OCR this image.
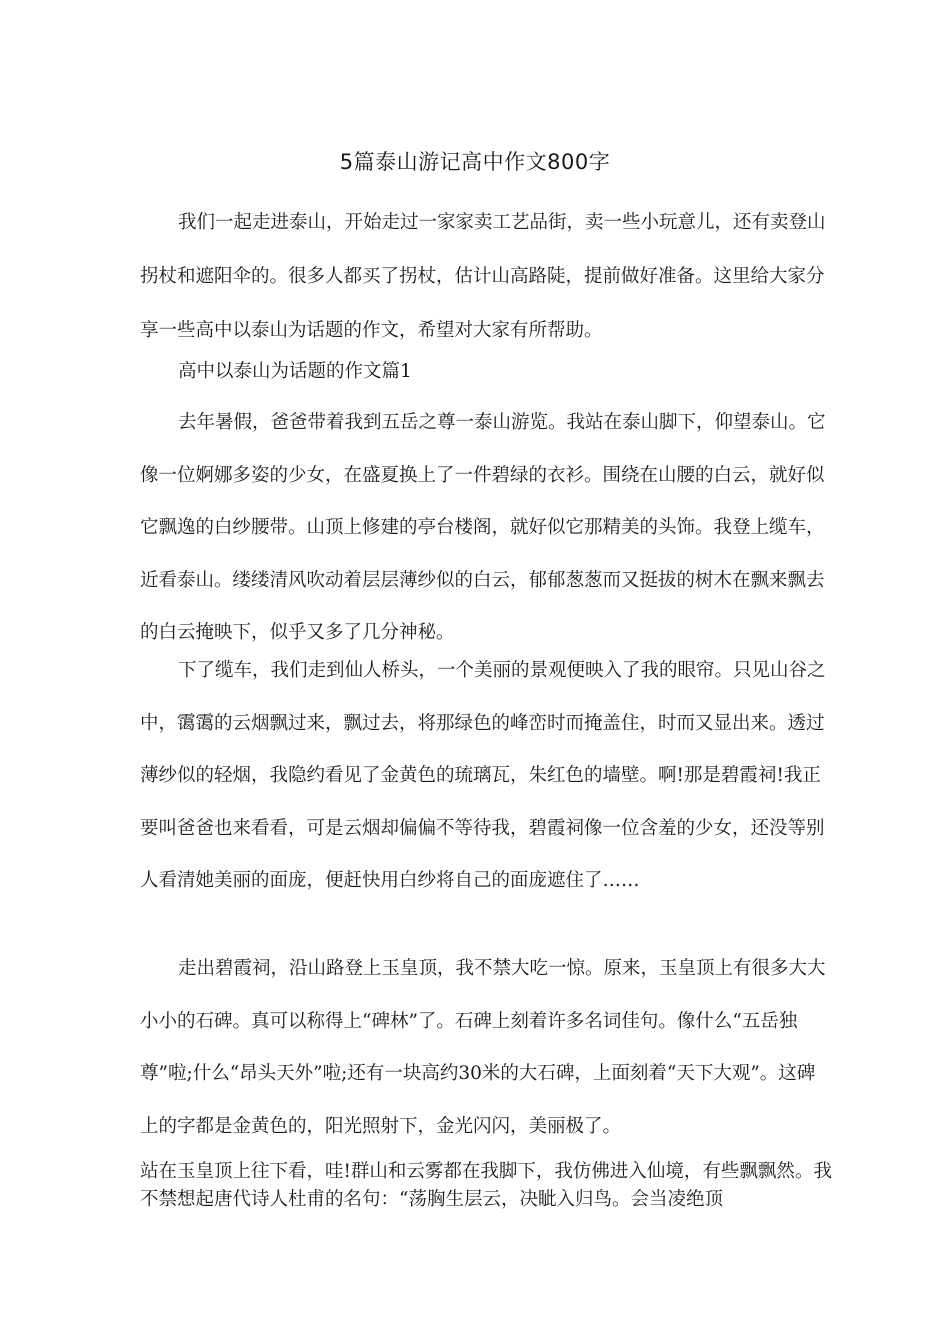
5篇泰山游记高中作文800字

我们一起走进泰山，开始走过一家家卖工艺品街，卖一些小玩意儿，还有卖登山拐杖和遮阳伞的。很多人都买了拐杖，估计山高路陡，提前做好准备。这里给大家分享一些高中以泰山为话题的作文，希望对大家有所帮助。

高中以泰山为话题的作文篇1

去年暑假，爸爸带着我到五岳之尊一泰山游览。我站在泰山脚下，仰望泰山。它像一位婀娜多姿的少女，在盛夏换上了一件碧绿的衣衫。围绕在山腰的白云，就好似它飘逸的白纱腰带。山顶上修建的亭台楼阁，就好似它那精美的头饰。我登上缆车，近看泰山。缕缕清风吹动着层层薄纱似的白云，郁郁葱葱而又挺拔的树木在飘来飘去的白云掩映下，似乎又多了几分神秘。

下了缆车，我们走到仙人桥头，一个美丽的景观便映入了我的眼帘。只见山谷之中，霭霭的云烟飘过来，飘过去，将那绿色的峰峦时而掩盖住，时而又显出来。透过薄纱似的轻烟，我隐约看见了金黄色的琉璃瓦，朱红色的墙壁。啊!那是碧霞祠!我正要叫爸爸也来看看，可是云烟却偏偏不等待我，碧霞祠像一位含羞的少女，还没等别人看清她美丽的面庞，便赶快用白纱将自己的面庞遮住了……

走出碧霞祠，沿山路登上玉皇顶，我不禁大吃一惊。原来，玉皇顶上有很多大大小小的石碑。真可以称得上“碑林”了。石碑上刻着许多名词佳句。像什么“五岳独尊”啦;什么“昂头天外”啦;还有一块高约30米的大石碑，上面刻着“天下大观”。这碑上的字都是金黄色的，阳光照射下，金光闪闪，美丽极了。

站在玉皇顶上往下看，哇!群山和云雾都在我脚下，我仿佛进入仙境，有些飘飘然。我不禁想起唐代诗人杜甫的名句：“荡胸生层云，决眦入归鸟。会当凌绝顶
